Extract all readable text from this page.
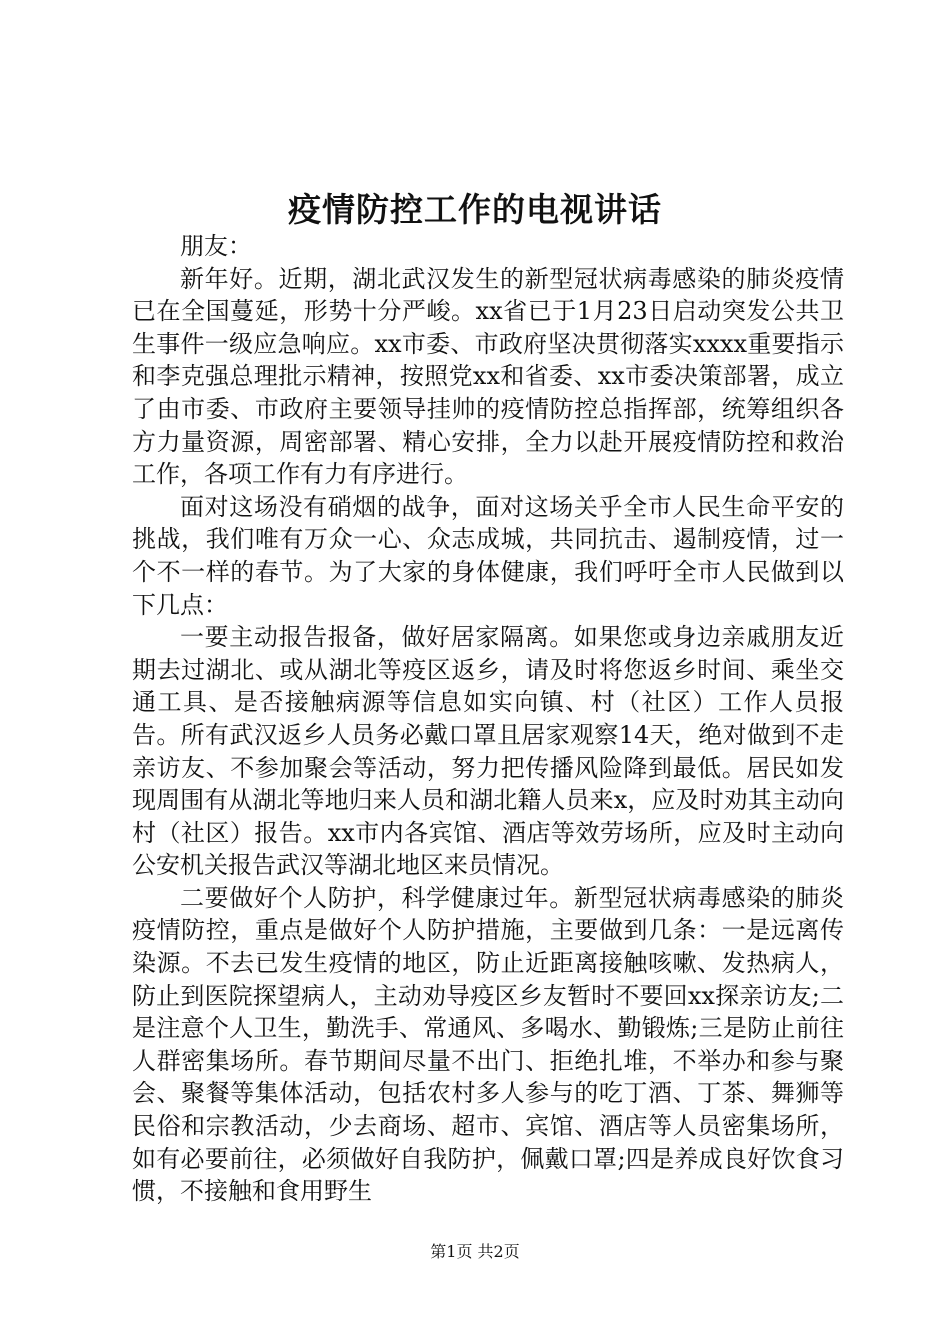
疫情防控工作的电视讲话

朋友：

新年好。近期，湖北武汉发生的新型冠状病毒感染的肺炎疫情已在全国蔓延，形势十分严峻。xx省已于1月23日启动突发公共卫生事件一级应急响应。xx市委、市政府坚决贯彻落实xxxx重要指示和李克强总理批示精神，按照党xx和省委、xx市委决策部署，成立了由市委、市政府主要领导挂帅的疫情防控总指挥部，统筹组织各方力量资源，周密部署、精心安排，全力以赴开展疫情防控和救治工作，各项工作有力有序进行。

面对这场没有硝烟的战争，面对这场关乎全市人民生命平安的挑战，我们唯有万众一心、众志成城，共同抗击、遏制疫情，过一个不一样的春节。为了大家的身体健康，我们呼吁全市人民做到以下几点：

一要主动报告报备，做好居家隔离。如果您或身边亲戚朋友近期去过湖北、或从湖北等疫区返乡，请及时将您返乡时间、乘坐交通工具、是否接触病源等信息如实向镇、村（社区）工作人员报告。所有武汉返乡人员务必戴口罩且居家观察14天，绝对做到不走亲访友、不参加聚会等活动，努力把传播风险降到最低。居民如发现周围有从湖北等地归来人员和湖北籍人员来x，应及时劝其主动向村（社区）报告。xx市内各宾馆、酒店等效劳场所，应及时主动向公安机关报告武汉等湖北地区来员情况。

二要做好个人防护，科学健康过年。新型冠状病毒感染的肺炎疫情防控，重点是做好个人防护措施，主要做到几条：一是远离传染源。不去已发生疫情的地区，防止近距离接触咳嗽、发热病人，防止到医院探望病人，主动劝导疫区乡友暂时不要回xx探亲访友;二是注意个人卫生，勤洗手、常通风、多喝水、勤锻炼;三是防止前往人群密集场所。春节期间尽量不出门、拒绝扎堆，不举办和参与聚会、聚餐等集体活动，包括农村多人参与的吃丁酒、丁茶、舞狮等民俗和宗教活动，少去商场、超市、宾馆、酒店等人员密集场所，如有必要前往，必须做好自我防护，佩戴口罩;四是养成良好饮食习惯，不接触和食用野生

第1页 共2页
